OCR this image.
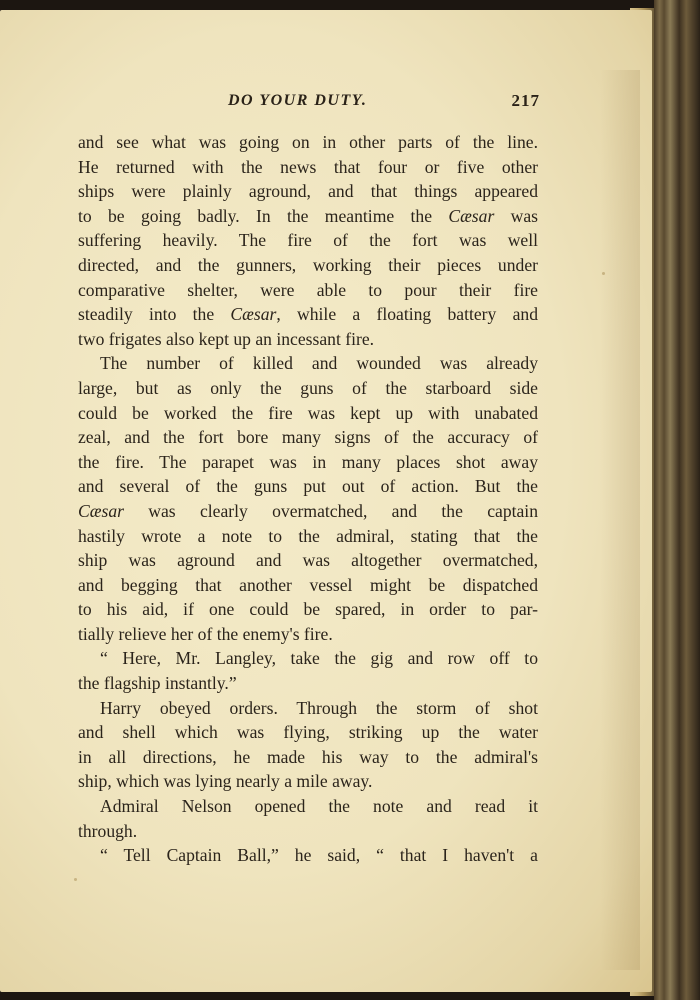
DO YOUR DUTY.	217
and see what was going on in other parts of the line.
He returned with the news that four or five other
ships were plainly aground, and that things appeared
to be going badly. In the meantime the Cæsar was
suffering heavily. The fire of the fort was well
directed, and the gunners, working their pieces under
comparative shelter, were able to pour their fire
steadily into the Cæsar, while a floating battery and
two frigates also kept up an incessant fire.
The number of killed and wounded was already
large, but as only the guns of the starboard side
could be worked the fire was kept up with unabated
zeal, and the fort bore many signs of the accuracy of
the fire. The parapet was in many places shot away
and several of the guns put out of action. But the
Cæsar was clearly overmatched, and the captain
hastily wrote a note to the admiral, stating that the
ship was aground and was altogether overmatched,
and begging that another vessel might be dispatched
to his aid, if one could be spared, in order to par-
tially relieve her of the enemy's fire.
“ Here, Mr. Langley, take the gig and row off to
the flagship instantly.”
Harry obeyed orders. Through the storm of shot
and shell which was flying, striking up the water
in all directions, he made his way to the admiral's
ship, which was lying nearly a mile away.
Admiral Nelson opened the note and read it
through.
“ Tell Captain Ball,” he said, “ that I haven't a
